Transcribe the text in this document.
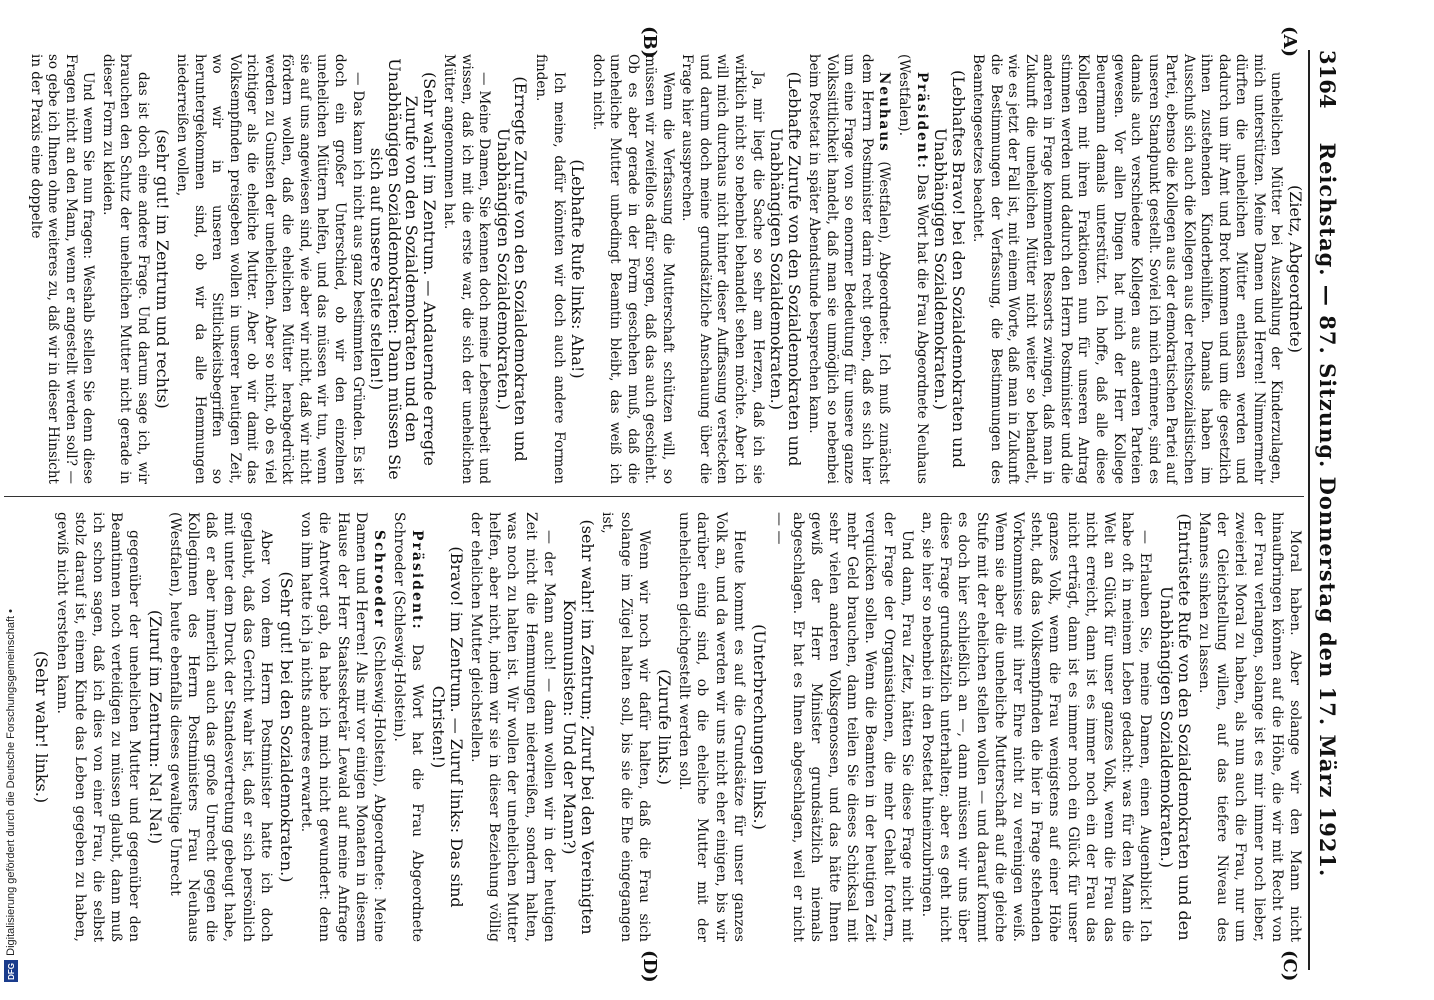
3164
Reichstag. — 87. Sitzung. Donnerstag den 17. März 1921.
(A)
(B)
(C)
(D)

(Zietz, Abgeordnete)

unehelichen Mütter bei Auszahlung der Kinderzulagen, mich unterstützen. Meine Damen und Herren! Nimmermehr dürften die unehelichen Mütter entlassen werden und dadurch um ihr Amt und Brot kommen und um die gesetzlich ihnen zustehenden Kinderbeihilfen. Damals haben im Ausschuß sich auch die Kollegen aus der rechtssozialistischen Partei, ebenso die Kollegen aus der demokratischen Partei auf unseren Standpunkt gestellt. Soviel ich mich erinnere, sind es damals auch verschiedene Kollegen aus anderen Parteien gewesen. Vor allen Dingen hat mich der Herr Kollege Beuermann damals unterstützt. Ich hoffe, daß alle diese Kollegen mit ihren Fraktionen nun für unseren Antrag stimmen werden und dadurch den Herrn Postminister und die anderen in Frage kommenden Ressorts zwingen, daß man in Zukunft die unehelichen Mütter nicht weiter so behandelt, wie es jetzt der Fall ist, mit einem Worte, daß man in Zukunft die Bestimmungen der Verfassung, die Bestimmungen des Beamtengesetzes beachtet.

(Lebhaftes Bravo! bei den Sozialdemokraten und Unabhängigen Sozialdemokraten.)

Präsident: Das Wort hat die Frau Abgeordnete Neuhaus (Westfalen).

Neuhaus (Westfalen), Abgeordnete: Ich muß zunächst dem Herrn Postminister darin recht geben, daß es sich hier um eine Frage von so enormer Bedeutung für unsere ganze Volkssittlichkeit handelt, daß man sie unmöglich so nebenbei beim Postetat in später Abendstunde besprechen kann.

(Lebhafte Zurufe von den Sozialdemokraten und Unabhängigen Sozialdemokraten.)

Ja, mir liegt die Sache so sehr am Herzen, daß ich sie wirklich nicht so nebenbei behandelt sehen möchte. Aber ich will mich durchaus nicht hinter dieser Auffassung verstecken und darum doch meine grundsätzliche Anschauung über die Frage hier aussprechen.

Wenn die Verfassung die Mutterschaft schützen will, so müssen wir zweifellos dafür sorgen, daß das auch geschieht. Ob es aber gerade in der Form geschehen muß, daß die uneheliche Mutter unbedingt Beamtin bleibt, das weiß ich doch nicht.

(Lebhafte Rufe links: Aha!)

Ich meine, dafür könnten wir doch auch andere Formen finden.

(Erregte Zurufe von den Sozialdemokraten und Unabhängigen Sozialdemokraten.)

— Meine Damen, Sie kennen doch meine Lebensarbeit und wissen, daß ich mit die erste war, die sich der unehelichen Mütter angenommen hat.

(Sehr wahr! im Zentrum. — Andauernde erregte Zurufe von den Sozialdemokraten und den Unabhängigen Sozialdemokraten: Dann müssen Sie sich auf unsere Seite stellen!)

— Das kann ich nicht aus ganz bestimmten Gründen. Es ist doch ein großer Unterschied, ob wir den einzelnen unehelichen Müttern helfen, und das müssen wir tun, wenn sie auf uns angewiesen sind, wie aber wir nicht, daß wir nicht fördern wollen, daß die ehelichen Mütter herabgedrückt werden zu Gunsten der unehelichen. Aber so nicht, ob es viel richtiger als die eheliche Mutter. Aber ob wir damit das Volksempfinden preisgeben wollen in unserer heutigen Zeit, wo wir in unseren Sittlichkeitsbegriffen so heruntergekommen sind, ob wir da alle Hemmungen niederreißen wollen,

(sehr gut! im Zentrum und rechts)

das ist doch eine andere Frage. Und darum sage ich, wir brauchen den Schutz der unehelichen Mutter nicht gerade in dieser Form zu kleiden.

Und wenn Sie nun fragen: Weshalb stellen Sie denn diese Fragen nicht an den Mann, wenn er angestellt werden soll? — so gebe ich Ihnen ohne weiteres zu, daß wir in dieser Hinsicht in der Praxis eine doppelte

Moral haben. Aber solange wir den Mann nicht hinaufbringen können auf die Höhe, die wir mit Recht von der Frau verlangen, solange ist es mir immer noch lieber, zweierlei Moral zu haben, als nun auch die Frau, nur um der Gleichstellung willen, auf das tiefere Niveau des Mannes sinken zu lassen.

(Entrüstete Rufe von den Sozialdemokraten und den Unabhängigen Sozialdemokraten.)

— Erlauben Sie, meine Damen, einen Augenblick! Ich habe oft in meinem Leben gedacht: was für den Mann die Welt an Glück für unser ganzes Volk, wenn die Frau das nicht erreicht, dann ist es immer noch ein der Frau das nicht erträgt, dann ist es immer noch ein Glück für unser ganzes Volk, wenn die Frau wenigstens auf einer Höhe steht, daß das Volksempfinden die hier in Frage stehenden Vorkommnisse mit ihrer Ehre nicht zu vereinigen weiß. Wenn sie aber die uneheliche Mutterschaft auf die gleiche Stufe mit der ehelichen stellen wollen — und darauf kommt es doch hier schließlich an —, dann müssen wir uns über diese Frage grundsätzlich unterhalten; aber es geht nicht an, sie hier so nebenbei in den Postetat hineinzubringen.

Und dann, Frau Zietz, hätten Sie diese Frage nicht mit der Frage der Organisationen, die mehr Gehalt fordern, verquicken sollen. Wenn die Beamten in der heutigen Zeit mehr Geld brauchen, dann teilen Sie dieses Schicksal mit sehr vielen anderen Volksgenossen, und das hätte Ihnen gewiß der Herr Minister grundsätzlich niemals abgeschlagen. Er hat es Ihnen abgeschlagen, weil er nicht — —

(Unterbrechungen links.)

Heute kommt es auf die Grundsätze für unser ganzes Volk an, und da werden wir uns nicht eher einigen, bis wir darüber einig sind, ob die eheliche Mutter mit der unehelichen gleichgestellt werden soll.

(Zurufe links.)

Wenn wir noch wir dafür halten, daß die Frau sich solange im Zügel halten soll, bis sie die Ehe eingegangen ist,

(sehr wahr! im Zentrum; Zuruf bei den Vereinigten Kommunisten: Und der Mann?)

— der Mann auch! — dann wollen wir in der heutigen Zeit nicht die Hemmungen niederreißen, sondern halten, was noch zu halten ist. Wir wollen der unehelichen Mutter helfen, aber nicht, indem wir sie in dieser Beziehung völlig der ehelichen Mutter gleichstellen.

(Bravo! im Zentrum. — Zuruf links: Das sind Christen!)

Präsident: Das Wort hat die Frau Abgeordnete Schroeder (Schleswig-Holstein).

Schroeder (Schleswig-Holstein), Abgeordnete: Meine Damen und Herren! Als mir vor einigen Monaten in diesem Hause der Herr Staatssekretär Lewald auf meine Anfrage die Antwort gab, da habe ich mich nicht gewundert: denn von ihm hatte ich ja nichts anderes erwartet.

(Sehr gut! bei den Sozialdemokraten.)

Aber von dem Herrn Postminister hatte ich doch geglaubt, daß das Gericht wahr ist, daß er sich persönlich mit unter dem Druck der Standesvertretung gebeugt habe, daß er aber innerlich auch das große Unrecht gegen die Kolleginnen des Herrn Postministers Frau Neuhaus (Westfalen), heute ebenfalls dieses gewaltige Unrecht

(Zuruf im Zentrum: Na! Na!)

gegenüber der unehelichen Mutter und gegenüber den Beamtinnen noch verteidigen zu müssen glaubt, dann muß ich schon sagen, daß ich dies von einer Frau, die selbst stolz darauf ist, einem Kinde das Leben gegeben zu haben, gewiß nicht verstehen kann.

(Sehr wahr! links.)

Digitalisierung gefördert durch die Deutsche Forschungsgemeinschaft •
DFG
